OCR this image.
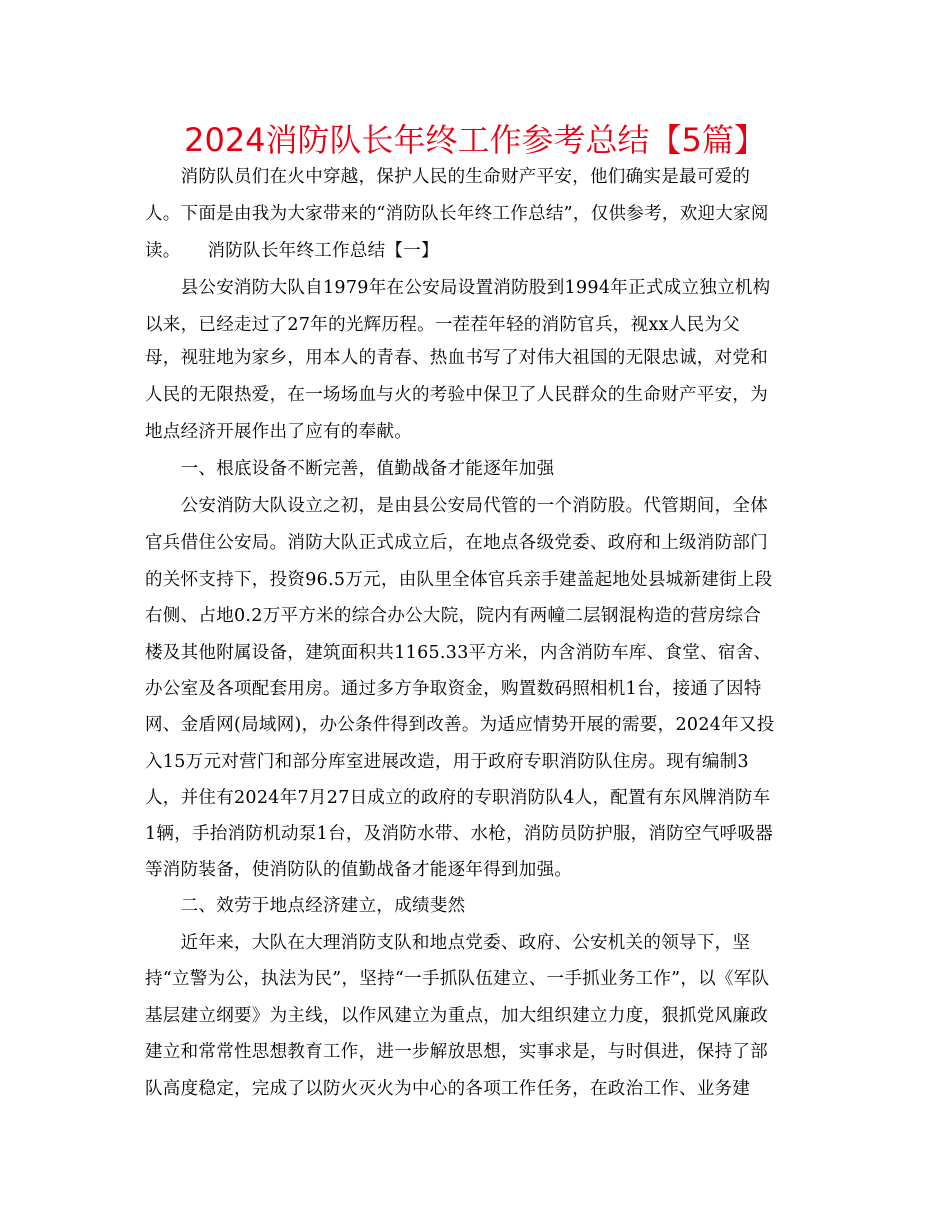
2024消防队长年终工作参考总结【5篇】
　　消防队员们在火中穿越，保护人民的生命财产平安，他们确实是最可爱的
人。下面是由我为大家带来的“消防队长年终工作总结”，仅供参考，欢迎大家阅
读。　　消防队长年终工作总结【一】
　　县公安消防大队自1979年在公安局设置消防股到1994年正式成立独立机构
以来，已经走过了27年的光辉历程。一茬茬年轻的消防官兵，视xx人民为父
母，视驻地为家乡，用本人的青春、热血书写了对伟大祖国的无限忠诚，对党和
人民的无限热爱，在一场场血与火的考验中保卫了人民群众的生命财产平安，为
地点经济开展作出了应有的奉献。
　　一、根底设备不断完善，值勤战备才能逐年加强
　　公安消防大队设立之初，是由县公安局代管的一个消防股。代管期间，全体
官兵借住公安局。消防大队正式成立后，在地点各级党委、政府和上级消防部门
的关怀支持下，投资96.5万元，由队里全体官兵亲手建盖起地处县城新建街上段
右侧、占地0.2万平方米的综合办公大院，院内有两幢二层钢混构造的营房综合
楼及其他附属设备，建筑面积共1165.33平方米，内含消防车库、食堂、宿舍、
办公室及各项配套用房。通过多方争取资金，购置数码照相机1台，接通了因特
网、金盾网(局域网)，办公条件得到改善。为适应情势开展的需要，2024年又投
入15万元对营门和部分库室进展改造，用于政府专职消防队住房。现有编制3
人，并住有2024年7月27日成立的政府的专职消防队4人，配置有东风牌消防车
1辆，手抬消防机动泵1台，及消防水带、水枪，消防员防护服，消防空气呼吸器
等消防装备，使消防队的值勤战备才能逐年得到加强。
　　二、效劳于地点经济建立，成绩斐然
　　近年来，大队在大理消防支队和地点党委、政府、公安机关的领导下，坚
持“立警为公，执法为民”，坚持“一手抓队伍建立、一手抓业务工作”，以《军队
基层建立纲要》为主线，以作风建立为重点，加大组织建立力度，狠抓党风廉政
建立和常常性思想教育工作，进一步解放思想，实事求是，与时俱进，保持了部
队高度稳定，完成了以防火灭火为中心的各项工作任务，在政治工作、业务建
